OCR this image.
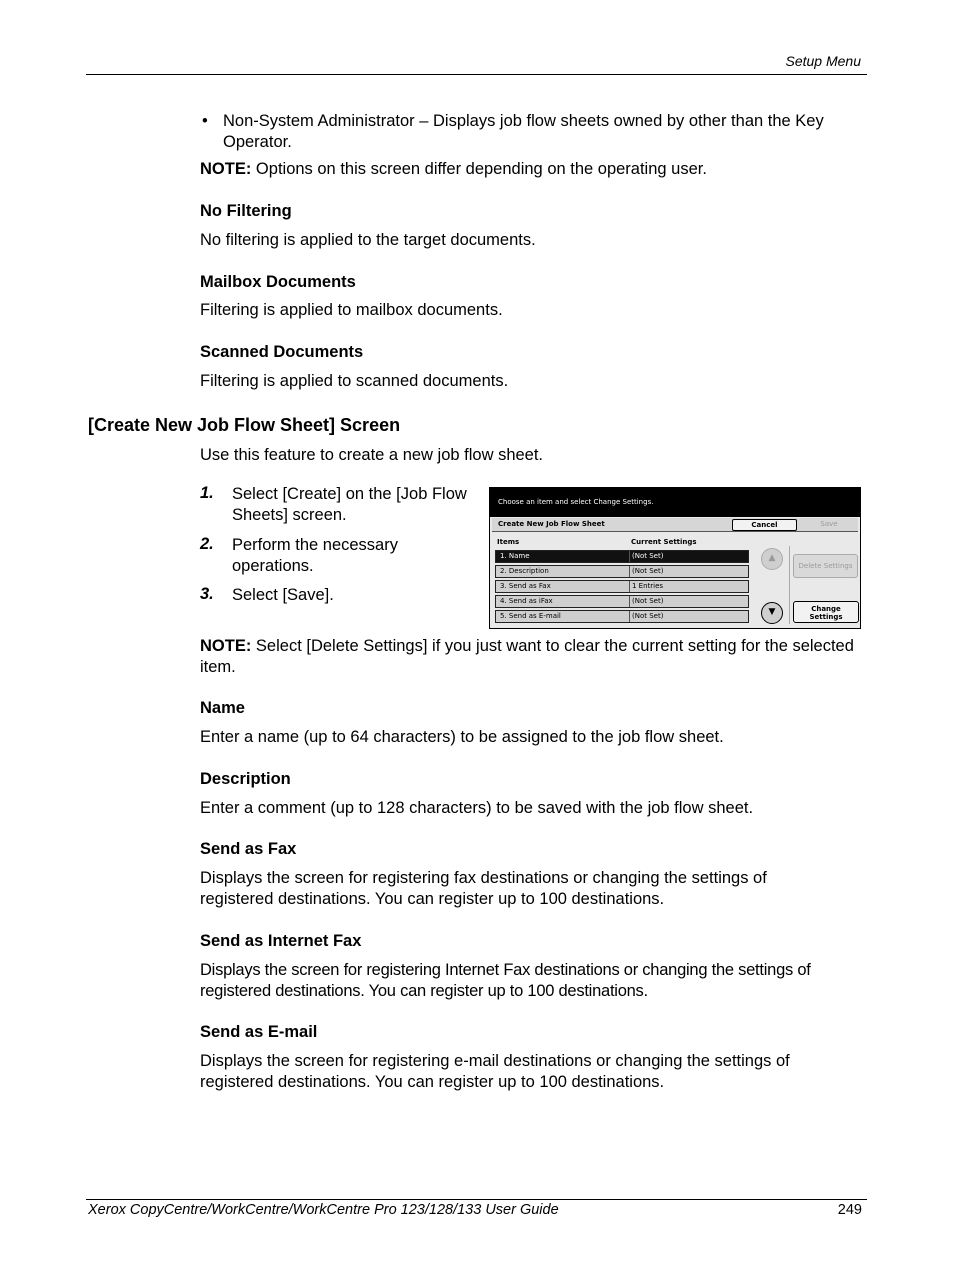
Setup Menu
• Non-System Administrator – Displays job flow sheets owned by other than the Key Operator.
NOTE: Options on this screen differ depending on the operating user.
No Filtering
No filtering is applied to the target documents.
Mailbox Documents
Filtering is applied to mailbox documents.
Scanned Documents
Filtering is applied to scanned documents.
[Create New Job Flow Sheet] Screen
Use this feature to create a new job flow sheet.
1. Select [Create] on the [Job Flow Sheets] screen.
2. Perform the necessary operations.
3. Select [Save].
Choose an item and select Change Settings.
Create New Job Flow Sheet	Cancel	Save
Items	Current Settings
1. Name	(Not Set)
2. Description	(Not Set)
3. Send as Fax	1 Entries
4. Send as iFax	(Not Set)
5. Send as E-mail	(Not Set)
▲
▼
Delete Settings
Change
Settings
NOTE: Select [Delete Settings] if you just want to clear the current setting for the selected item.
Name
Enter a name (up to 64 characters) to be assigned to the job flow sheet.
Description
Enter a comment (up to 128 characters) to be saved with the job flow sheet.
Send as Fax
Displays the screen for registering fax destinations or changing the settings of registered destinations. You can register up to 100 destinations.
Send as Internet Fax
Displays the screen for registering Internet Fax destinations or changing the settings of registered destinations. You can register up to 100 destinations.
Send as E-mail
Displays the screen for registering e-mail destinations or changing the settings of registered destinations. You can register up to 100 destinations.
Xerox CopyCentre/WorkCentre/WorkCentre Pro 123/128/133 User Guide	249
